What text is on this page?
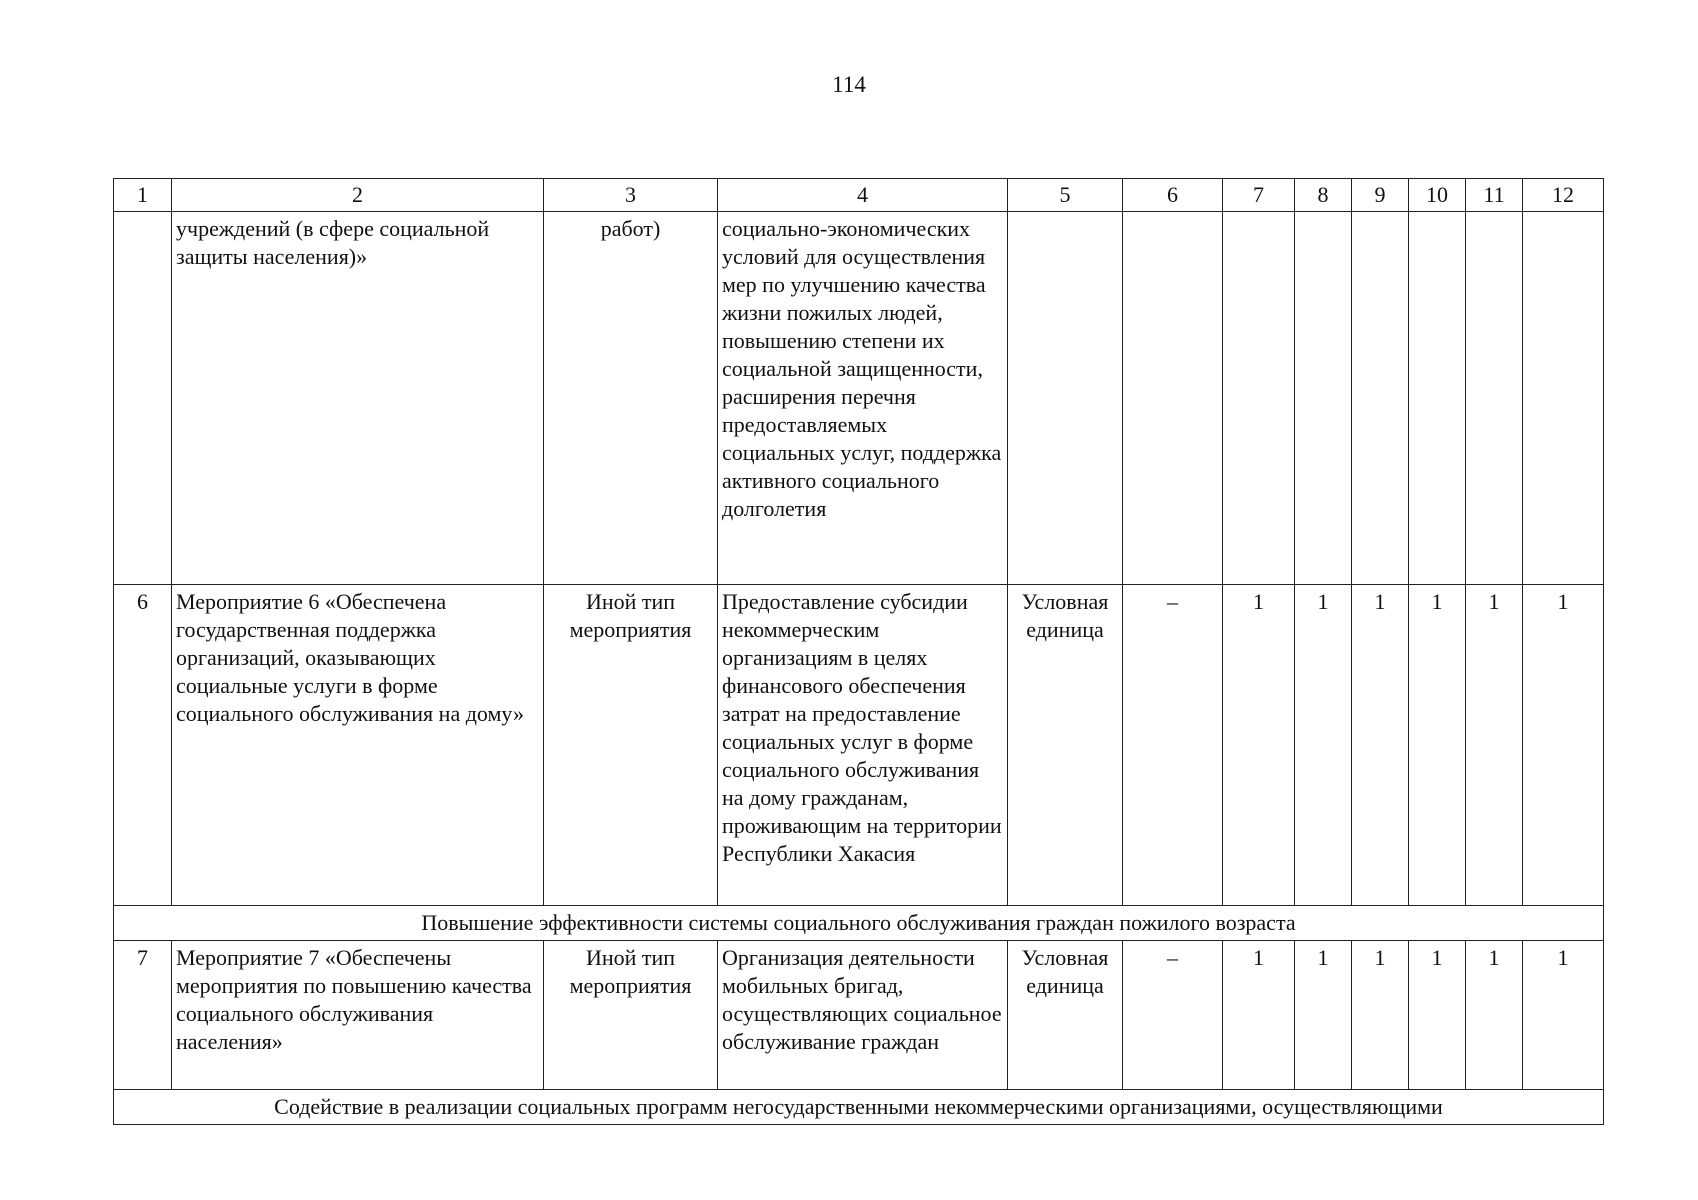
114
1	2	3	4	5	6	7	8	9	10	11	12
	учреждений (в сфере социальной защиты населения)»	работ)	социально-экономических условий для осуществления мер по улучшению качества жизни пожилых людей, повышению степени их социальной защищенности, расширения перечня предоставляемых социальных услуг, поддержка активного социального долголетия								
6	Мероприятие 6 «Обеспечена государственная поддержка организаций, оказывающих социальные услуги в форме социального обслуживания на дому»	Иной тип мероприятия	Предоставление субсидии некоммерческим организациям в целях финансового обеспечения затрат на предоставление социальных услуг в форме социального обслуживания на дому гражданам, проживающим на территории Республики Хакасия	Условная единица	–	1	1	1	1	1	1
Повышение эффективности системы социального обслуживания граждан пожилого возраста											
7	Мероприятие 7 «Обеспечены мероприятия по повышению качества социального обслуживания населения»	Иной тип мероприятия	Организация деятельности мобильных бригад, осуществляющих социальное обслуживание граждан	Условная единица	–	1	1	1	1	1	1
Содействие в реализации социальных программ негосударственными некоммерческими организациями, осуществляющими											
